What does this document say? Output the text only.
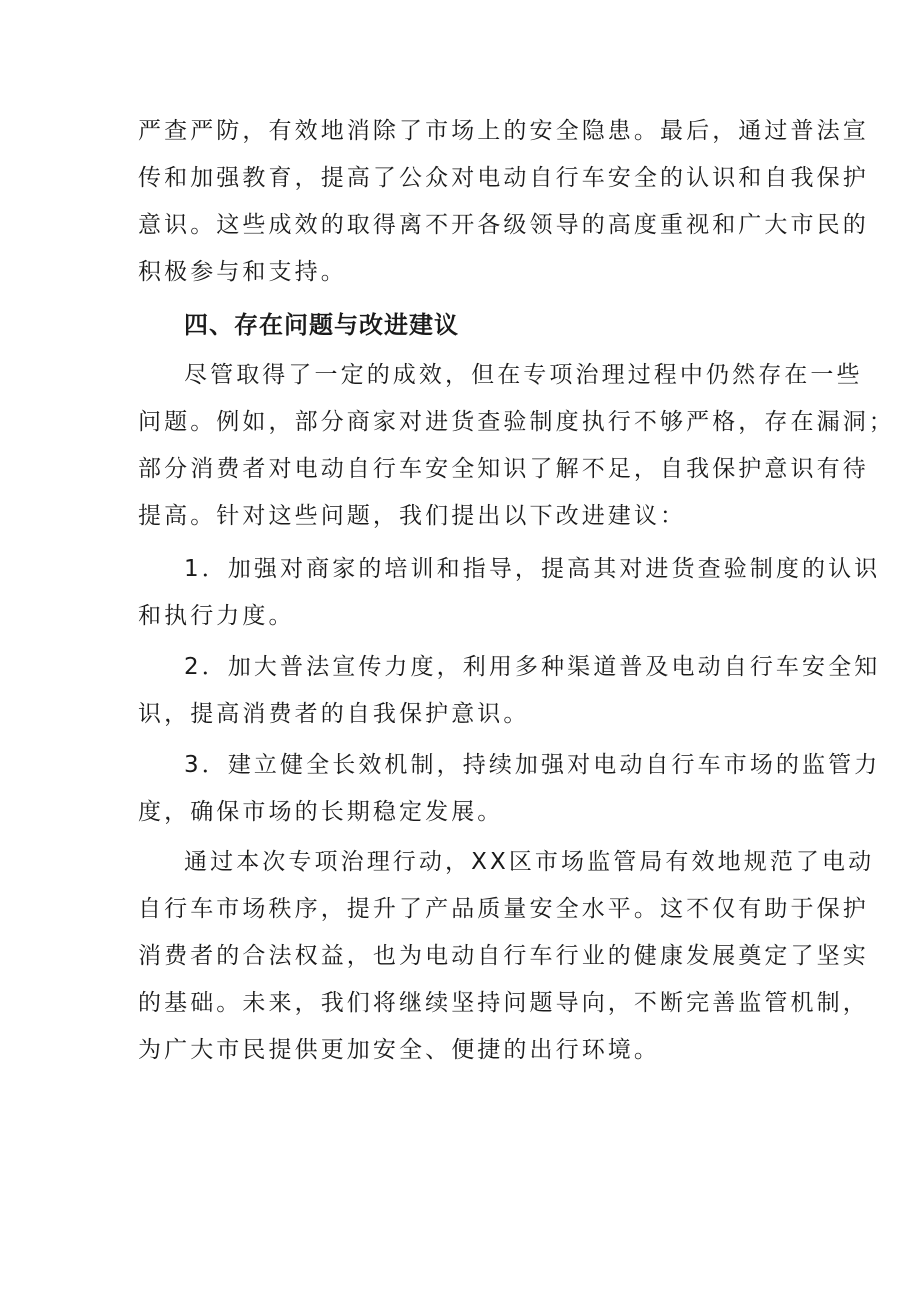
严查严防，有效地消除了市场上的安全隐患。最后，通过普法宣
传和加强教育，提高了公众对电动自行车安全的认识和自我保护
意识。这些成效的取得离不开各级领导的高度重视和广大市民的
积极参与和支持。
四、存在问题与改进建议
尽管取得了一定的成效，但在专项治理过程中仍然存在一些
问题。例如，部分商家对进货查验制度执行不够严格，存在漏洞；
部分消费者对电动自行车安全知识了解不足，自我保护意识有待
提高。针对这些问题，我们提出以下改进建议：
1．加强对商家的培训和指导，提高其对进货查验制度的认识
和执行力度。
2．加大普法宣传力度，利用多种渠道普及电动自行车安全知
识，提高消费者的自我保护意识。
3．建立健全长效机制，持续加强对电动自行车市场的监管力
度，确保市场的长期稳定发展。
通过本次专项治理行动，XX区市场监管局有效地规范了电动
自行车市场秩序，提升了产品质量安全水平。这不仅有助于保护
消费者的合法权益，也为电动自行车行业的健康发展奠定了坚实
的基础。未来，我们将继续坚持问题导向，不断完善监管机制，
为广大市民提供更加安全、便捷的出行环境。
